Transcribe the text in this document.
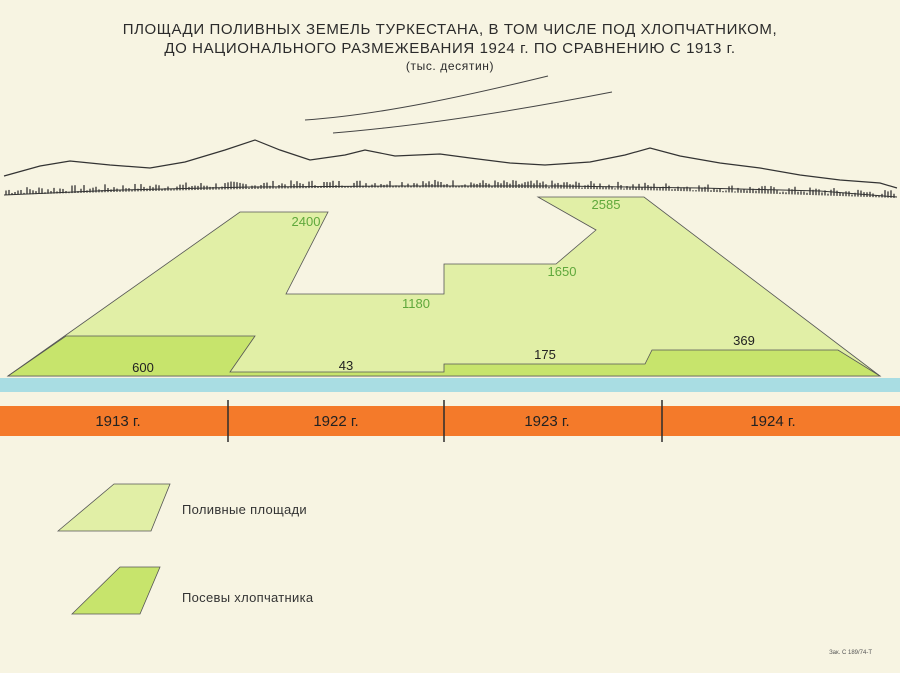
ПЛОЩАДИ ПОЛИВНЫХ ЗЕМЕЛЬ ТУРКЕСТАНА, В ТОМ ЧИСЛЕ ПОД ХЛОПЧАТНИКОМ,
ДО НАЦИОНАЛЬНОГО РАЗМЕЖЕВАНИЯ 1924 г. ПО СРАВНЕНИЮ С 1913 г.
(тыс. десятин)
1913 г.	1922 г.	1923 г.	1924 г.
2400
1180
1650
2585
600	43
175
369
Поливные площади
Посевы хлопчатника
Зак. С 189/74-Т
